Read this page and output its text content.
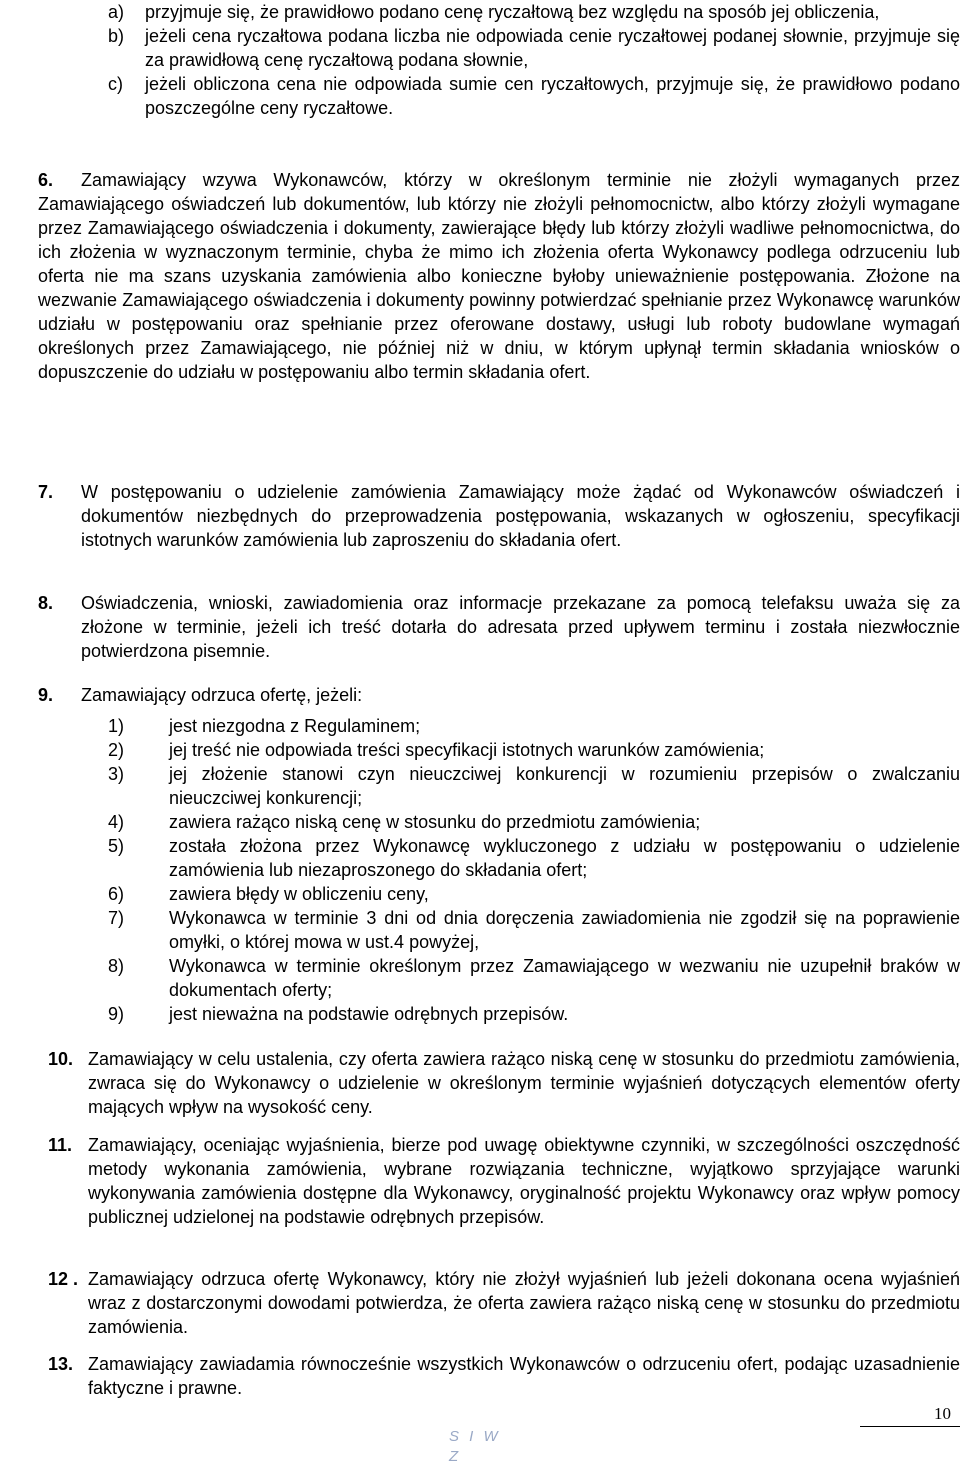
a) przyjmuje się, że prawidłowo podano cenę ryczałtową bez względu na sposób jej obliczenia,

b) jeżeli cena ryczałtowa podana liczba nie odpowiada cenie ryczałtowej podanej słownie, przyjmuje się za prawidłową cenę ryczałtową podana słownie,

c) jeżeli obliczona cena nie odpowiada sumie cen ryczałtowych, przyjmuje się, że prawidłowo podano poszczególne ceny ryczałtowe.

6.	Zamawiający wzywa Wykonawców, którzy w określonym terminie nie złożyli wymaganych przez Zamawiającego oświadczeń lub dokumentów, lub którzy nie złożyli pełnomocnictw, albo którzy złożyli wymagane przez Zamawiającego oświadczenia i dokumenty, zawierające błędy lub którzy złożyli wadliwe pełnomocnictwa, do ich złożenia w wyznaczonym terminie, chyba że mimo ich złożenia oferta Wykonawcy podlega odrzuceniu lub oferta nie ma szans uzyskania zamówienia albo konieczne byłoby unieważnienie postępowania. Złożone na wezwanie Zamawiającego oświadczenia i dokumenty powinny potwierdzać spełnianie przez Wykonawcę warunków udziału w postępowaniu oraz spełnianie przez oferowane dostawy, usługi lub roboty budowlane wymagań określonych przez Zamawiającego, nie później niż w dniu, w którym upłynął termin składania wniosków o dopuszczenie do udziału w postępowaniu albo termin składania ofert.

7. W postępowaniu o udzielenie zamówienia Zamawiający może żądać od Wykonawców oświadczeń i dokumentów niezbędnych do przeprowadzenia postępowania, wskazanych w ogłoszeniu, specyfikacji istotnych warunków zamówienia lub zaproszeniu do składania ofert.

8. Oświadczenia, wnioski, zawiadomienia oraz informacje przekazane za pomocą telefaksu uważa się za złożone w terminie, jeżeli ich treść dotarła do adresata przed upływem terminu i została niezwłocznie potwierdzona pisemnie.

9. Zamawiający odrzuca ofertę, jeżeli:

1) jest niezgodna z Regulaminem;

2) jej treść nie odpowiada treści specyfikacji istotnych warunków zamówienia;

3) jej złożenie stanowi czyn nieuczciwej konkurencji w rozumieniu przepisów o zwalczaniu nieuczciwej konkurencji;

4) zawiera rażąco niską cenę w stosunku do przedmiotu zamówienia;

5) została złożona przez Wykonawcę wykluczonego z udziału w postępowaniu o udzielenie zamówienia lub niezaproszonego do składania ofert;

6) zawiera błędy w obliczeniu ceny,

7) Wykonawca w terminie 3 dni od dnia doręczenia zawiadomienia nie zgodził się na poprawienie omyłki, o której mowa w ust.4 powyżej,

8) Wykonawca w terminie określonym przez Zamawiającego w wezwaniu nie uzupełnił braków w dokumentach oferty;

9) jest nieważna na podstawie odrębnych przepisów.

10. Zamawiający w celu ustalenia, czy oferta zawiera rażąco niską cenę w stosunku do przedmiotu zamówienia, zwraca się do Wykonawcy o udzielenie w określonym terminie wyjaśnień dotyczących elementów oferty mających wpływ na wysokość ceny.

11. Zamawiający, oceniając wyjaśnienia, bierze pod uwagę obiektywne czynniki, w szczególności oszczędność metody wykonania zamówienia, wybrane rozwiązania techniczne, wyjątkowo sprzyjające warunki wykonywania zamówienia dostępne dla Wykonawcy, oryginalność projektu Wykonawcy oraz wpływ pomocy publicznej udzielonej na podstawie odrębnych przepisów.

12 . Zamawiający odrzuca ofertę Wykonawcy, który nie złożył wyjaśnień lub jeżeli dokonana ocena wyjaśnień wraz z dostarczonymi dowodami potwierdza, że oferta zawiera rażąco niską cenę w stosunku do przedmiotu zamówienia.

13. Zamawiający zawiadamia równocześnie wszystkich Wykonawców o odrzuceniu ofert, podając uzasadnienie faktyczne i prawne.

10
S I W Z
